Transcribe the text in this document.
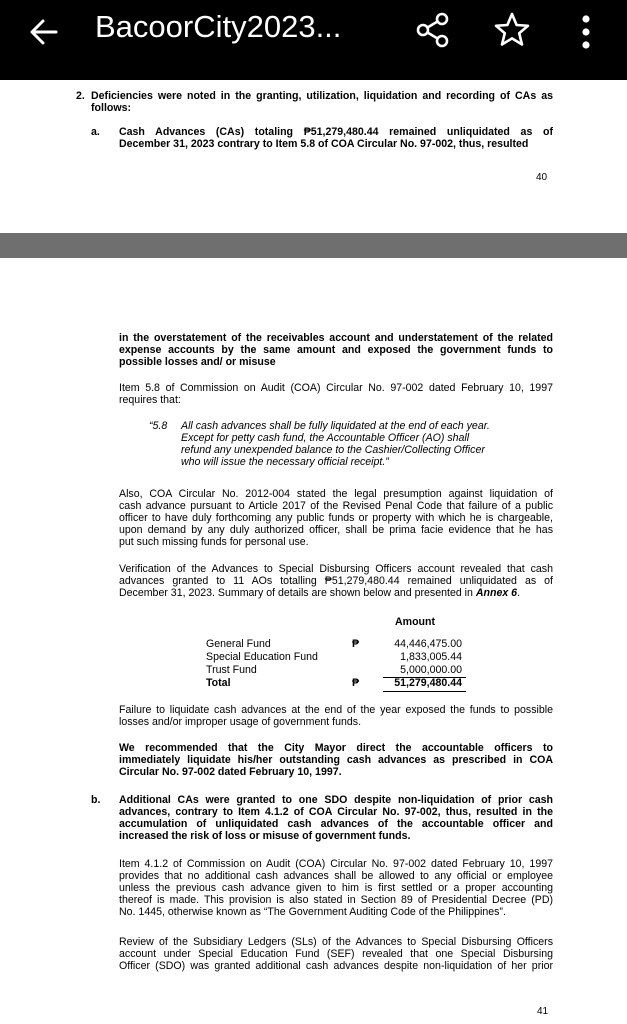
BacoorCity2023...

2. Deficiencies were noted in the granting, utilization, liquidation and recording of CAs as

follows:

a. Cash Advances (CAs) totaling ₱51,279,480.44 remained unliquidated as of

December 31, 2023 contrary to Item 5.8 of COA Circular No. 97-002, thus, resulted

40

in the overstatement of the receivables account and understatement of the related

expense accounts by the same amount and exposed the government funds to

possible losses and/ or misuse

Item 5.8 of Commission on Audit (COA) Circular No. 97-002 dated February 10, 1997

requires that:

“5.8 All cash advances shall be fully liquidated at the end of each year.

Except for petty cash fund, the Accountable Officer (AO) shall

refund any unexpended balance to the Cashier/Collecting Officer

who will issue the necessary official receipt.”

Also, COA Circular No. 2012-004 stated the legal presumption against liquidation of

cash advance pursuant to Article 2017 of the Revised Penal Code that failure of a public

officer to have duly forthcoming any public funds or property with which he is chargeable,

upon demand by any duly authorized officer, shall be prima facie evidence that he has

put such missing funds for personal use.

Verification of the Advances to Special Disbursing Officers account revealed that cash

advances granted to 11 AOs totalling ₱51,279,480.44 remained unliquidated as of

December 31, 2023. Summary of details are shown below and presented in Annex 6.

Amount

General Fund	₱	44,446,475.00
Special Education Fund	1,833,005.44
Trust Fund	5,000,000.00
Total	₱	51,279,480.44

Failure to liquidate cash advances at the end of the year exposed the funds to possible

losses and/or improper usage of government funds.

We recommended that the City Mayor direct the accountable officers to

immediately liquidate his/her outstanding cash advances as prescribed in COA

Circular No. 97-002 dated February 10, 1997.

b. Additional CAs were granted to one SDO despite non-liquidation of prior cash

advances, contrary to Item 4.1.2 of COA Circular No. 97-002, thus, resulted in the

accumulation of unliquidated cash advances of the accountable officer and

increased the risk of loss or misuse of government funds.

Item 4.1.2 of Commission on Audit (COA) Circular No. 97-002 dated February 10, 1997

provides that no additional cash advances shall be allowed to any official or employee

unless the previous cash advance given to him is first settled or a proper accounting

thereof is made. This provision is also stated in Section 89 of Presidential Decree (PD)

No. 1445, otherwise known as “The Government Auditing Code of the Philippines”.

Review of the Subsidiary Ledgers (SLs) of the Advances to Special Disbursing Officers

account under Special Education Fund (SEF) revealed that one Special Disbursing

Officer (SDO) was granted additional cash advances despite non-liquidation of her prior

41
